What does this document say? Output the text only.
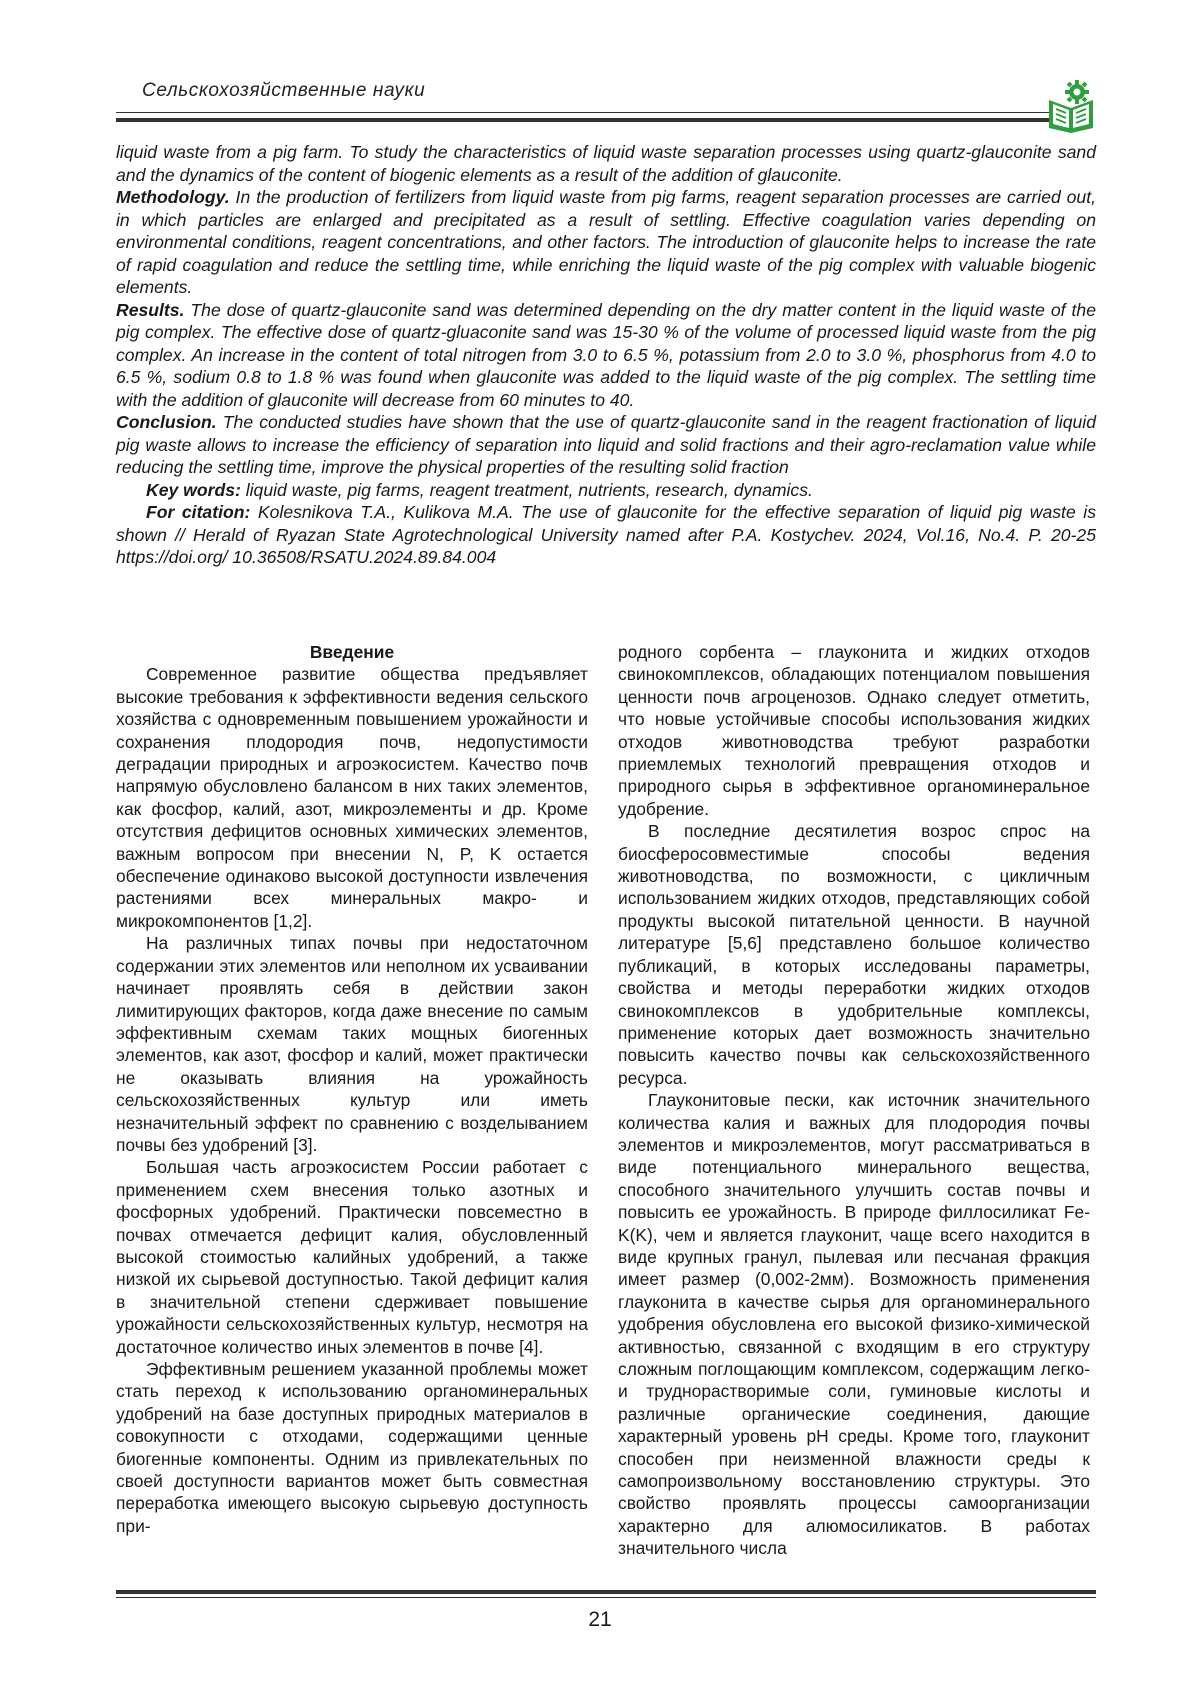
Сельскохозяйственные науки

liquid waste from a pig farm. To study the characteristics of liquid waste separation processes using quartz-glauconite sand and the dynamics of the content of biogenic elements as a result of the addition of glauconite.

Methodology. In the production of fertilizers from liquid waste from pig farms, reagent separation processes are carried out, in which particles are enlarged and precipitated as a result of settling. Effective coagulation varies depending on environmental conditions, reagent concentrations, and other factors. The introduction of glauconite helps to increase the rate of rapid coagulation and reduce the settling time, while enriching the liquid waste of the pig complex with valuable biogenic elements.

Results. The dose of quartz-glauconite sand was determined depending on the dry matter content in the liquid waste of the pig complex. The effective dose of quartz-gluaconite sand was 15-30 % of the volume of processed liquid waste from the pig complex. An increase in the content of total nitrogen from 3.0 to 6.5 %, potassium from 2.0 to 3.0 %, phosphorus from 4.0 to 6.5 %, sodium 0.8 to 1.8 % was found when glauconite was added to the liquid waste of the pig complex. The settling time with the addition of glauconite will decrease from 60 minutes to 40.

Conclusion. The conducted studies have shown that the use of quartz-glauconite sand in the reagent fractionation of liquid pig waste allows to increase the efficiency of separation into liquid and solid fractions and their agro-reclamation value while reducing the settling time, improve the physical properties of the resulting solid fraction

Key words: liquid waste, pig farms, reagent treatment, nutrients, research, dynamics.

For citation: Kolesnikova T.A., Kulikova M.A. The use of glauconite for the effective separation of liquid pig waste is shown // Herald of Ryazan State Agrotechnological University named after P.A. Kostychev. 2024, Vol.16, No.4. P. 20-25 https://doi.org/ 10.36508/RSATU.2024.89.84.004

Введение

Современное развитие общества предъявляет высокие требования к эффективности ведения сельского хозяйства с одновременным повышением урожайности и сохранения плодородия почв, недопустимости деградации природных и агроэкосистем. Качество почв напрямую обусловлено балансом в них таких элементов, как фосфор, калий, азот, микроэлементы и др. Кроме отсутствия дефицитов основных химических элементов, важным вопросом при внесении N, P, K остается обеспечение одинаково высокой доступности извлечения растениями всех минеральных макро- и микрокомпонентов [1,2].

На различных типах почвы при недостаточном содержании этих элементов или неполном их усваивании начинает проявлять себя в действии закон лимитирующих факторов, когда даже внесение по самым эффективным схемам таких мощных биогенных элементов, как азот, фосфор и калий, может практически не оказывать влияния на урожайность сельскохозяйственных культур или иметь незначительный эффект по сравнению с возделыванием почвы без удобрений [3].

Большая часть агроэкосистем России работает с применением схем внесения только азотных и фосфорных удобрений. Практически повсеместно в почвах отмечается дефицит калия, обусловленный высокой стоимостью калийных удобрений, а также низкой их сырьевой доступностью. Такой дефицит калия в значительной степени сдерживает повышение урожайности сельскохозяйственных культур, несмотря на достаточное количество иных элементов в почве [4].

Эффективным решением указанной проблемы может стать переход к использованию органоминеральных удобрений на базе доступных природных материалов в совокупности с отходами, содержащими ценные биогенные компоненты. Одним из привлекательных по своей доступности вариантов может быть совместная переработка имеющего высокую сырьевую доступность при-

родного сорбента – глауконита и жидких отходов свинокомплексов, обладающих потенциалом повышения ценности почв агроценозов. Однако следует отметить, что новые устойчивые способы использования жидких отходов животноводства требуют разработки приемлемых технологий превращения отходов и природного сырья в эффективное органоминеральное удобрение.

В последние десятилетия возрос спрос на биосферосовместимые способы ведения животноводства, по возможности, с цикличным использованием жидких отходов, представляющих собой продукты высокой питательной ценности. В научной литературе [5,6] представлено большое количество публикаций, в которых исследованы параметры, свойства и методы переработки жидких отходов свинокомплексов в удобрительные комплексы, применение которых дает возможность значительно повысить качество почвы как сельскохозяйственного ресурса.

Глауконитовые пески, как источник значительного количества калия и важных для плодородия почвы элементов и микроэлементов, могут рассматриваться в виде потенциального минерального вещества, способного значительного улучшить состав почвы и повысить ее урожайность. В природе филлосиликат Fe-K(K), чем и является глауконит, чаще всего находится в виде крупных гранул, пылевая или песчаная фракция имеет размер (0,002-2мм). Возможность применения глауконита в качестве сырья для органоминерального удобрения обусловлена его высокой физико-химической активностью, связанной с входящим в его структуру сложным поглощающим комплексом, содержащим легко- и труднорастворимые соли, гуминовые кислоты и различные органические соединения, дающие характерный уровень pH среды. Кроме того, глауконит способен при неизменной влажности среды к самопроизвольному восстановлению структуры. Это свойство проявлять процессы самоорганизации характерно для алюмосиликатов. В работах значительного числа

21
